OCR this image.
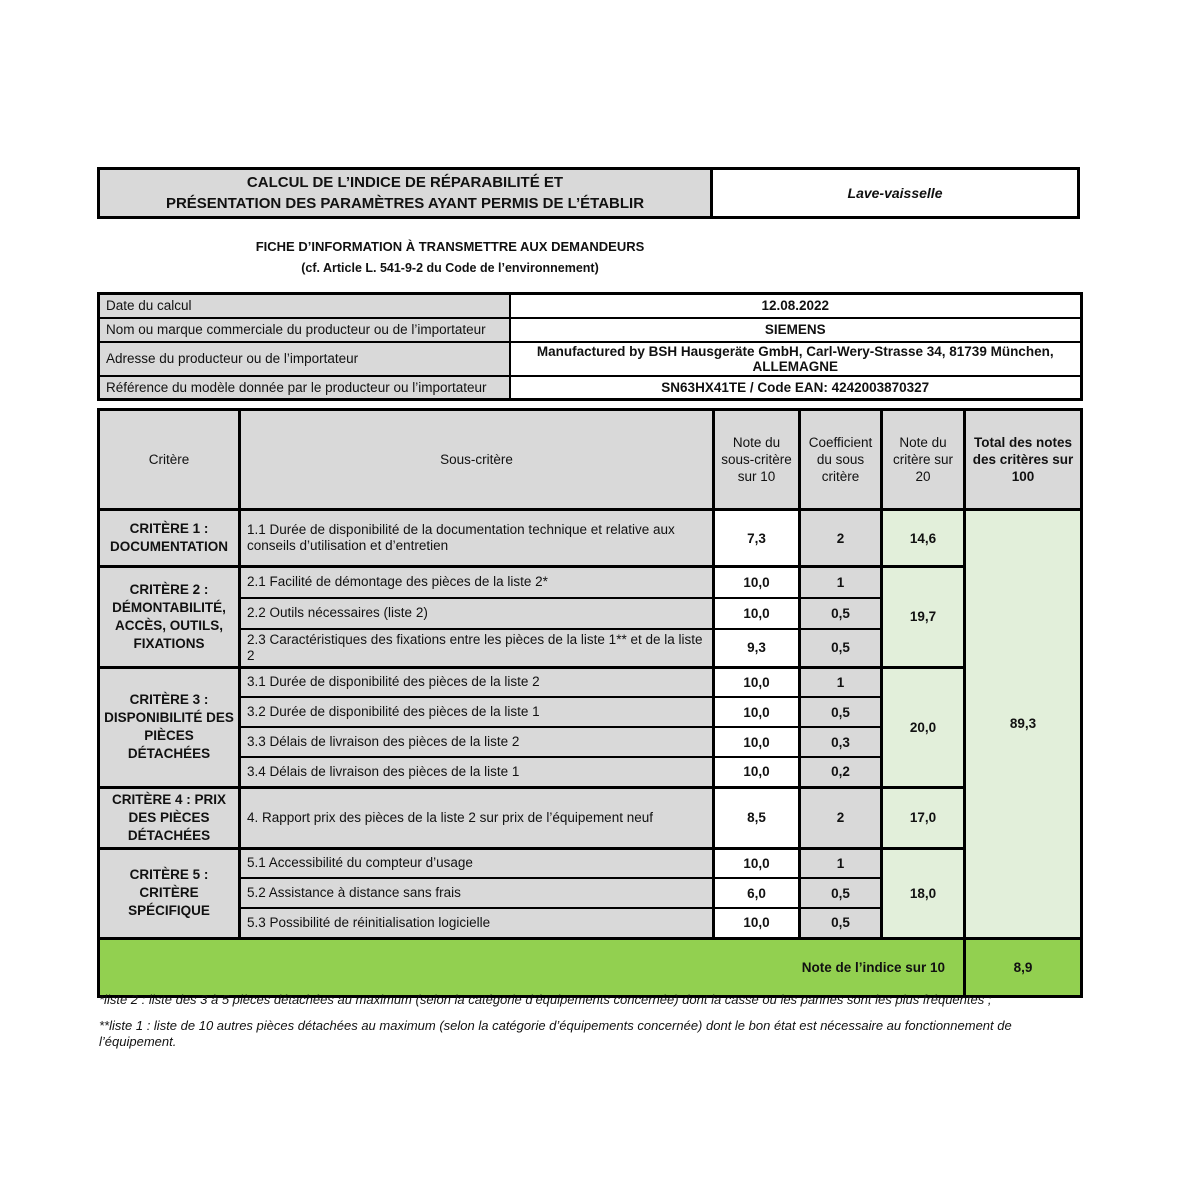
CALCUL DE L’INDICE DE RÉPARABILITÉ ET
PRÉSENTATION DES PARAMÈTRES AYANT PERMIS DE L’ÉTABLIR
Lave-vaisselle
FICHE D’INFORMATION À TRANSMETTRE AUX DEMANDEURS
(cf. Article L. 541-9-2 du Code de l’environnement)
Date du calcul	12.08.2022
Nom ou marque commerciale du producteur ou de l’importateur	SIEMENS
Adresse du producteur ou de l’importateur	Manufactured by BSH Hausgeräte GmbH, Carl-Wery-Strasse 34, 81739 München, ALLEMAGNE
Référence du modèle donnée par le producteur ou l’importateur	SN63HX41TE / Code EAN: 4242003870327
Critère	Sous-critère	Note du sous-critère sur 10	Coefficient du sous critère	Note du critère sur 20	Total des notes des critères sur 100
CRITÈRE 1 : DOCUMENTATION	1.1 Durée de disponibilité de la documentation technique et relative aux conseils d’utilisation et d’entretien	7,3	2	14,6	89,3
CRITÈRE 2 : DÉMONTABILITÉ, ACCÈS, OUTILS, FIXATIONS	2.1 Facilité de démontage des pièces de la liste 2*	10,0	1	19,7	
	2.2 Outils nécessaires (liste 2)	10,0	0,5		
	2.3 Caractéristiques des fixations entre les pièces de la liste 1** et de la liste 2	9,3	0,5		
CRITÈRE 3 : DISPONIBILITÉ DES PIÈCES DÉTACHÉES	3.1 Durée de disponibilité des pièces de la liste 2	10,0	1	20,0	
	3.2 Durée de disponibilité des pièces de la liste 1	10,0	0,5		
	3.3 Délais de livraison des pièces de la liste 2	10,0	0,3		
	3.4 Délais de livraison des pièces de la liste 1	10,0	0,2		
CRITÈRE 4 : PRIX DES PIÈCES DÉTACHÉES	4. Rapport prix des pièces de la liste 2 sur prix de l’équipement neuf	8,5	2	17,0	
CRITÈRE 5 : CRITÈRE SPÉCIFIQUE	5.1 Accessibilité du compteur d’usage	10,0	1	18,0	
	5.2 Assistance à distance sans frais	6,0	0,5		
	5.3 Possibilité de réinitialisation logicielle	10,0	0,5		
Note de l’indice sur 10					8,9
*liste 2 : liste des 3 à 5 pièces détachées au maximum (selon la catégorie d’équipements concernée) dont la casse ou les pannes sont les plus fréquentes ;
**liste 1 : liste de 10 autres pièces détachées au maximum (selon la catégorie d’équipements concernée) dont le bon état est nécessaire au fonctionnement de l’équipement.
